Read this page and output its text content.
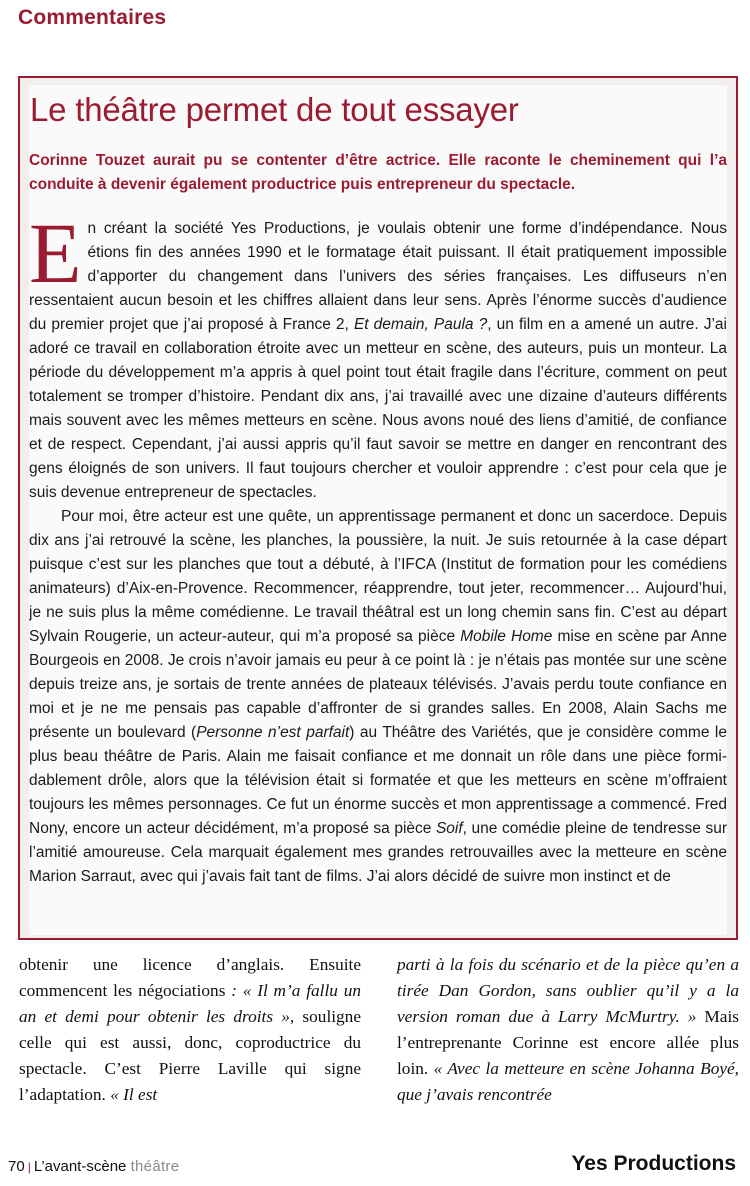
Commentaires
Le théâtre permet de tout essayer

Corinne Touzet aurait pu se contenter d’être actrice. Elle raconte le cheminement qui l’a conduite à devenir également productrice puis entrepreneur du spectacle.

En créant la société Yes Productions, je voulais obtenir une forme d’indépendance. Nous étions fin des années 1990 et le formatage était puissant. Il était pratiquement impossible d’apporter du changement dans l’univers des séries françaises. Les diffuseurs n’en ressentaient aucun besoin et les chiffres allaient dans leur sens. Après l’énorme succès d’audience du premier projet que j’ai proposé à France 2, Et demain, Paula ?, un film en a amené un autre. J’ai adoré ce travail en collaboration étroite avec un metteur en scène, des auteurs, puis un monteur. La période du développement m’a appris à quel point tout était fragile dans l’écriture, comment on peut totalement se tromper d’histoire. Pendant dix ans, j’ai travaillé avec une dizaine d’auteurs différents mais souvent avec les mêmes metteurs en scène. Nous avons noué des liens d’amitié, de confiance et de respect. Cependant, j’ai aussi appris qu’il faut savoir se mettre en danger en rencontrant des gens éloignés de son univers. Il faut toujours chercher et vouloir apprendre : c’est pour cela que je suis devenue entrepreneur de spectacles.

Pour moi, être acteur est une quête, un apprentissage permanent et donc un sacerdoce. Depuis dix ans j’ai retrouvé la scène, les planches, la poussière, la nuit. Je suis retournée à la case départ puisque c’est sur les planches que tout a débuté, à l’IFCA (Institut de formation pour les comédiens animateurs) d’Aix-en-Provence. Recommencer, réapprendre, tout jeter, recommencer… Aujourd’hui, je ne suis plus la même comédienne. Le travail théâtral est un long chemin sans fin. C’est au départ Sylvain Rougerie, un acteur-auteur, qui m’a proposé sa pièce Mobile Home mise en scène par Anne Bourgeois en 2008. Je crois n’avoir jamais eu peur à ce point là : je n’étais pas montée sur une scène depuis treize ans, je sortais de trente années de plateaux télévisés. J’avais perdu toute confiance en moi et je ne me pensais pas capable d’affronter de si grandes salles. En 2008, Alain Sachs me présente un boulevard (Personne n’est parfait) au Théâtre des Variétés, que je considère comme le plus beau théâtre de Paris. Alain me faisait confiance et me donnait un rôle dans une pièce formidablement drôle, alors que la télévision était si formatée et que les metteurs en scène m’offraient toujours les mêmes personnages. Ce fut un énorme succès et mon apprentissage a commencé. Fred Nony, encore un acteur décidément, m’a proposé sa pièce Soif, une comédie pleine de tendresse sur l’amitié amoureuse. Cela marquait également mes grandes retrouvailles avec la metteure en scène Marion Sarraut, avec qui j’avais fait tant de films. J’ai alors décidé de suivre mon instinct et de

obtenir une licence d’anglais. Ensuite commencent les négociations : « Il m’a fallu un an et demi pour obtenir les droits », souligne celle qui est aussi, donc, coproductrice du spectacle. C’est Pierre Laville qui signe l’adaptation. « Il est

parti à la fois du scénario et de la pièce qu’en a tirée Dan Gordon, sans oublier qu’il y a la version roman due à Larry McMurtry. » Mais l’entreprenante Corinne est encore allée plus loin. « Avec la metteure en scène Johanna Boyé, que j’avais rencontrée

70 | L’avant-scène théâtre	Yes Productions
